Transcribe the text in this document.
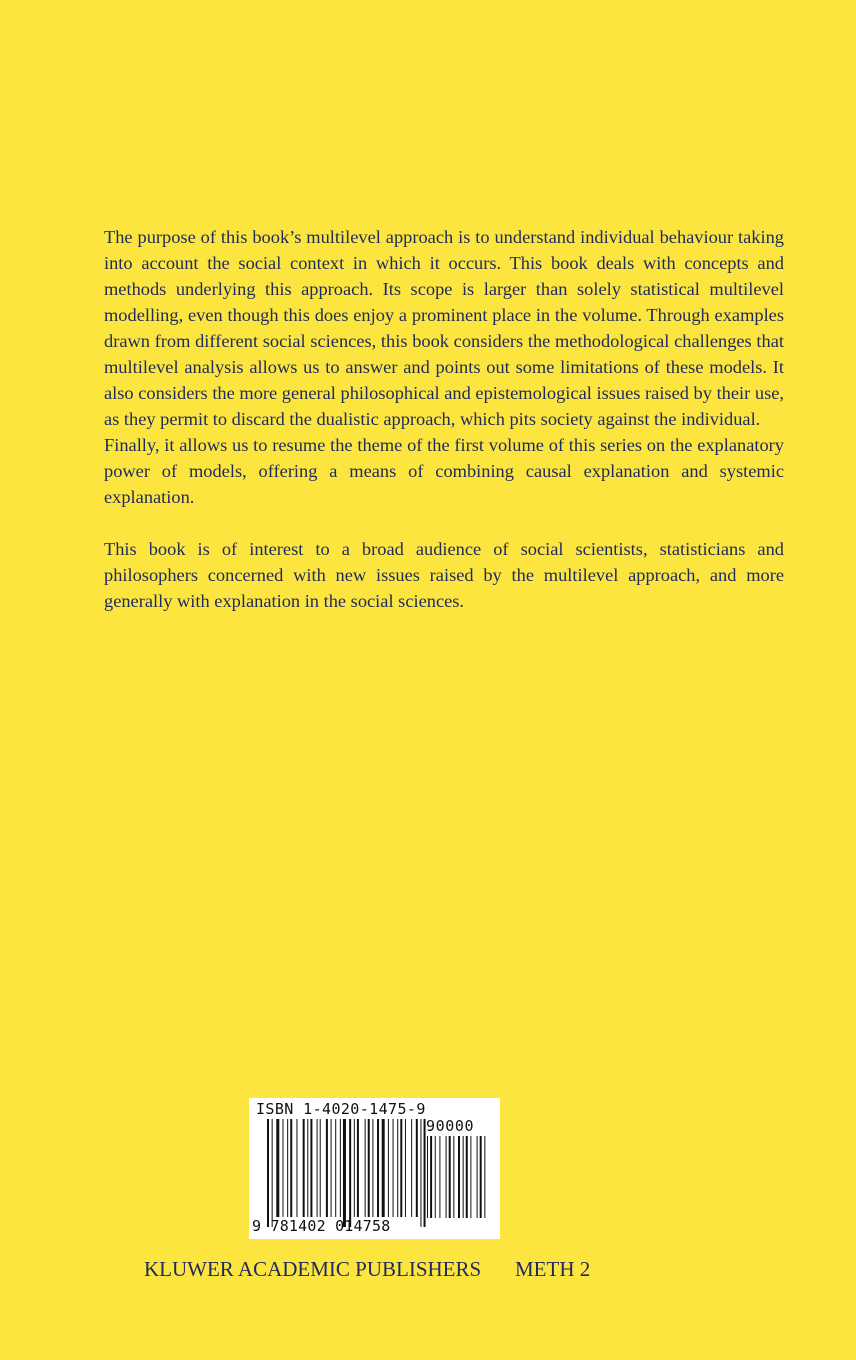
The purpose of this book’s multilevel approach is to understand individual behaviour taking into account the social context in which it occurs. This book deals with concepts and methods underlying this approach. Its scope is larger than solely statistical multilevel modelling, even though this does enjoy a prominent place in the volume. Through examples drawn from different social sciences, this book considers the methodological challenges that multilevel analysis allows us to answer and points out some limitations of these models. It also considers the more general philosophical and epistemological issues raised by their use, as they permit to discard the dualistic approach, which pits society against the individual.

Finally, it allows us to resume the theme of the first volume of this series on the explanatory power of models, offering a means of combining causal explanation and systemic explanation.

This book is of interest to a broad audience of social scientists, statisticians and philosophers concerned with new issues raised by the multilevel approach, and more generally with explanation in the social sciences.

ISBN 1-4020-1475-9
90000
9 781402 014758
KLUWER ACADEMIC PUBLISHERS METH 2
